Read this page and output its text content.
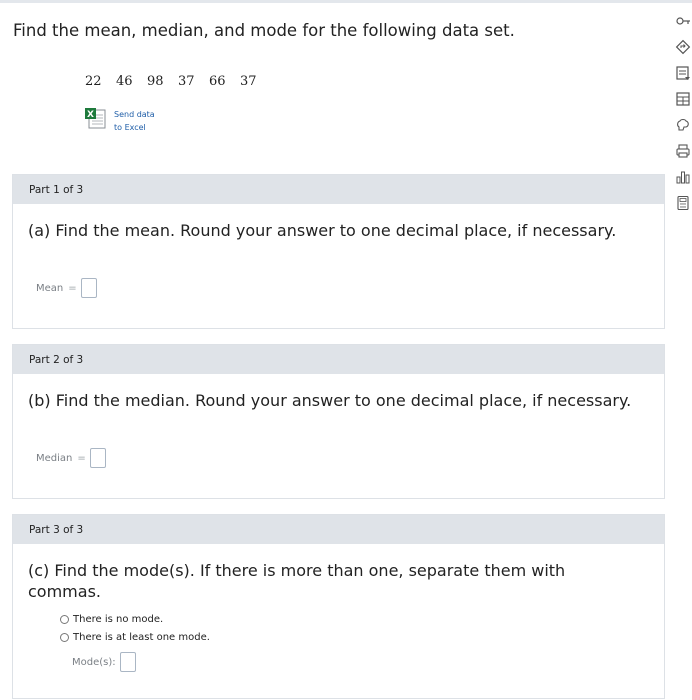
Find the mean, median, and mode for the following data set.
22	46	98	37	66	37
X	Send data
to Excel
Part 1 of 3
(a) Find the mean. Round your answer to one decimal place, if necessary.
Mean =
Part 2 of 3
(b) Find the median. Round your answer to one decimal place, if necessary.
Median =
Part 3 of 3
(c) Find the mode(s). If there is more than one, separate them with
commas.
There is no mode.
There is at least one mode.
Mode(s):
